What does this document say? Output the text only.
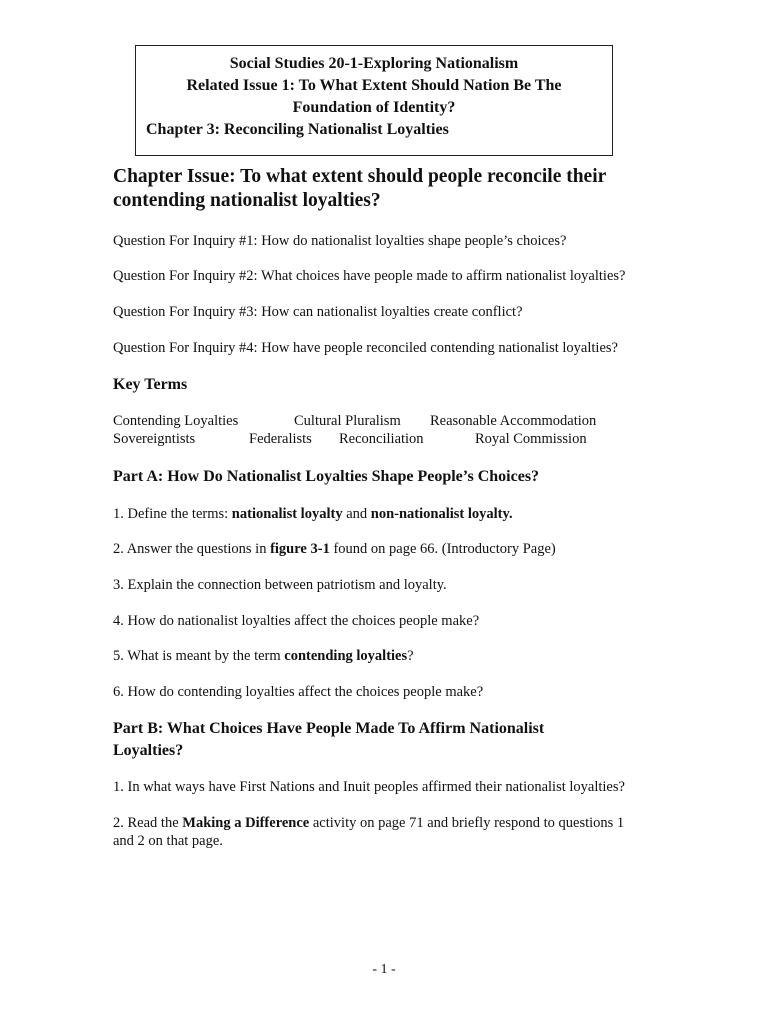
Social Studies 20-1-Exploring Nationalism
Related Issue 1: To What Extent Should Nation Be The
Foundation of Identity?
Chapter 3: Reconciling Nationalist Loyalties
Chapter Issue: To what extent should people reconcile their
contending nationalist loyalties?
Question For Inquiry #1: How do nationalist loyalties shape people’s choices?
Question For Inquiry #2: What choices have people made to affirm nationalist loyalties?
Question For Inquiry #3: How can nationalist loyalties create conflict?
Question For Inquiry #4: How have people reconciled contending nationalist loyalties?
Key Terms
Contending Loyalties	Cultural Pluralism Reasonable Accommodation
Sovereigntists	Federalists Reconciliation	Royal Commission
Part A: How Do Nationalist Loyalties Shape People’s Choices?
1. Define the terms: nationalist loyalty and non-nationalist loyalty.
2. Answer the questions in figure 3-1 found on page 66. (Introductory Page)
3. Explain the connection between patriotism and loyalty.
4. How do nationalist loyalties affect the choices people make?
5. What is meant by the term contending loyalties?
6. How do contending loyalties affect the choices people make?
Part B: What Choices Have People Made To Affirm Nationalist
Loyalties?
1. In what ways have First Nations and Inuit peoples affirmed their nationalist loyalties?
2. Read the Making a Difference activity on page 71 and briefly respond to questions 1
and 2 on that page.
- 1 -
